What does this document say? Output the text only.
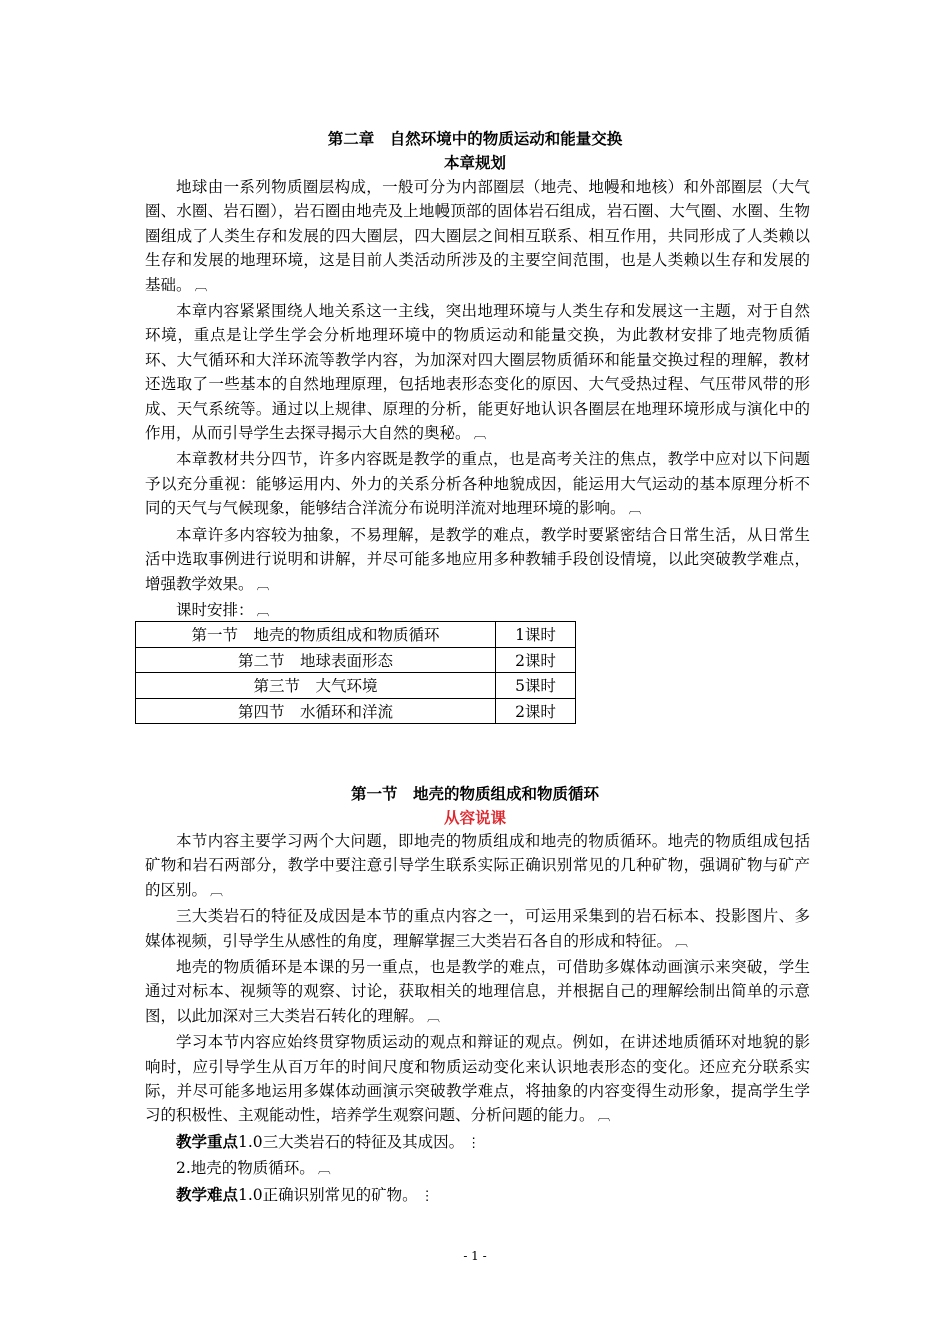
第二章　自然环境中的物质运动和能量交换
本章规划

地球由一系列物质圈层构成，一般可分为内部圈层（地壳、地幔和地核）和外部圈层（大气圈、水圈、岩石圈），岩石圈由地壳及上地幔顶部的固体岩石组成，岩石圈、大气圈、水圈、生物圈组成了人类生存和发展的四大圈层，四大圈层之间相互联系、相互作用，共同形成了人类赖以生存和发展的地理环境，这是目前人类活动所涉及的主要空间范围，也是人类赖以生存和发展的基础。 ︹

本章内容紧紧围绕人地关系这一主线，突出地理环境与人类生存和发展这一主题，对于自然环境，重点是让学生学会分析地理环境中的物质运动和能量交换，为此教材安排了地壳物质循环、大气循环和大洋环流等教学内容，为加深对四大圈层物质循环和能量交换过程的理解，教材还选取了一些基本的自然地理原理，包括地表形态变化的原因、大气受热过程、气压带风带的形成、天气系统等。通过以上规律、原理的分析，能更好地认识各圈层在地理环境形成与演化中的作用，从而引导学生去探寻揭示大自然的奥秘。 ︹

本章教材共分四节，许多内容既是教学的重点，也是高考关注的焦点，教学中应对以下问题予以充分重视：能够运用内、外力的关系分析各种地貌成因，能运用大气运动的基本原理分析不同的天气与气候现象，能够结合洋流分布说明洋流对地理环境的影响。 ︹

本章许多内容较为抽象，不易理解，是教学的难点，教学时要紧密结合日常生活，从日常生活中选取事例进行说明和讲解，并尽可能多地应用多种教辅手段创设情境，以此突破教学难点，增强教学效果。 ︹

课时安排： ︹

第一节　地壳的物质组成和物质循环	1课时
第二节　地球表面形态	2课时
第三节　大气环境	5课时
第四节　水循环和洋流	2课时
第一节　地壳的物质组成和物质循环
从容说课

本节内容主要学习两个大问题，即地壳的物质组成和地壳的物质循环。地壳的物质组成包括矿物和岩石两部分，教学中要注意引导学生联系实际正确识别常见的几种矿物，强调矿物与矿产的区别。 ︹

三大类岩石的特征及成因是本节的重点内容之一，可运用采集到的岩石标本、投影图片、多媒体视频，引导学生从感性的角度，理解掌握三大类岩石各自的形成和特征。 ︹

地壳的物质循环是本课的另一重点，也是教学的难点，可借助多媒体动画演示来突破，学生通过对标本、视频等的观察、讨论，获取相关的地理信息，并根据自己的理解绘制出简单的示意图，以此加深对三大类岩石转化的理解。 ︹

学习本节内容应始终贯穿物质运动的观点和辩证的观点。例如，在讲述地质循环对地貌的影响时，应引导学生从百万年的时间尺度和物质运动变化来认识地表形态的变化。还应充分联系实际，并尽可能多地运用多媒体动画演示突破教学难点，将抽象的内容变得生动形象，提高学生学习的积极性、主观能动性，培养学生观察问题、分析问题的能力。 ︹

教学重点1.0三大类岩石的特征及其成因。 ⋮

2.地壳的物质循环。 ︹

教学难点1.0正确识别常见的矿物。 ⋮

- 1 -
